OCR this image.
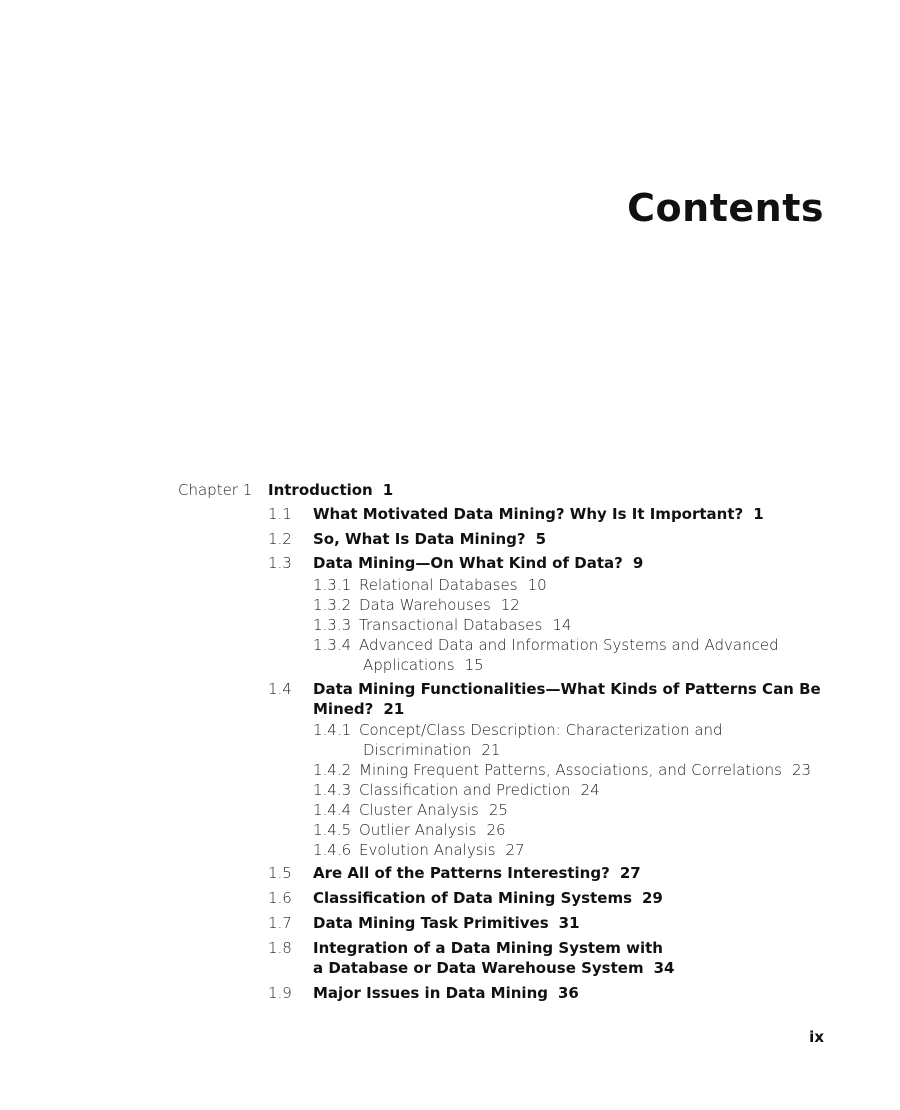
Contents
Chapter 1 Introduction 1
1.1 What Motivated Data Mining? Why Is It Important? 1
1.2 So, What Is Data Mining? 5
1.3 Data Mining—On What Kind of Data? 9
1.3.1 Relational Databases 10
1.3.2 Data Warehouses 12
1.3.3 Transactional Databases 14
1.3.4 Advanced Data and Information Systems and Advanced
Applications 15
1.4 Data Mining Functionalities—What Kinds of Patterns Can Be
Mined? 21
1.4.1 Concept/Class Description: Characterization and
Discrimination 21
1.4.2 Mining Frequent Patterns, Associations, and Correlations 23
1.4.3 Classification and Prediction 24
1.4.4 Cluster Analysis 25
1.4.5 Outlier Analysis 26
1.4.6 Evolution Analysis 27
1.5 Are All of the Patterns Interesting? 27
1.6 Classification of Data Mining Systems 29
1.7 Data Mining Task Primitives 31
1.8 Integration of a Data Mining System with
a Database or Data Warehouse System 34
1.9 Major Issues in Data Mining 36
ix
